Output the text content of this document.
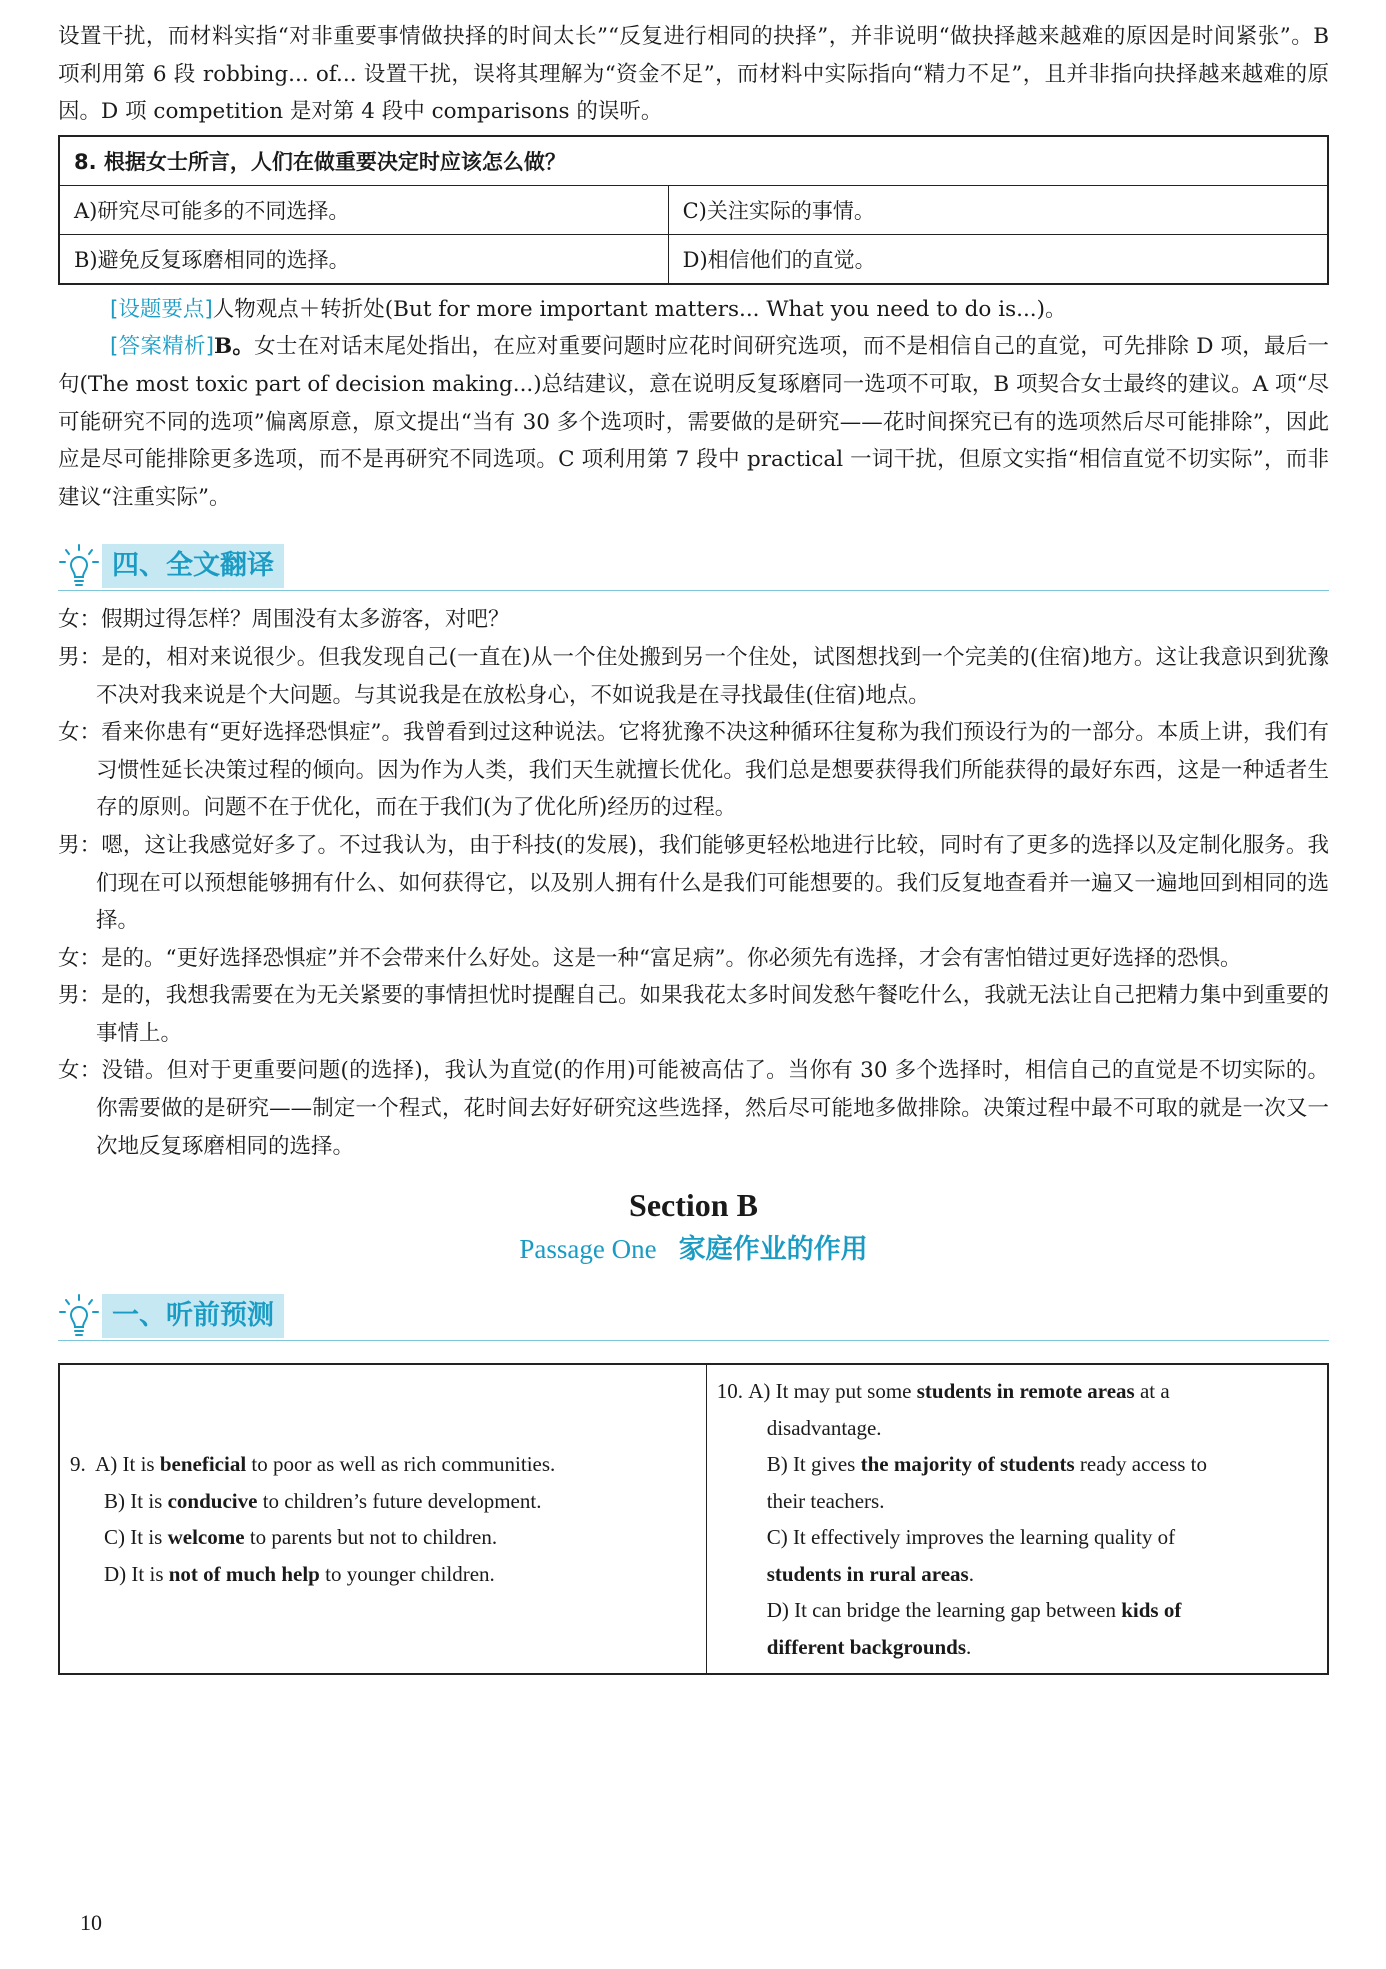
设置干扰，而材料实指“对非重要事情做抉择的时间太长”“反复进行相同的抉择”，并非说明“做抉择越来越难的原因是时间紧张”。B 项利用第 6 段 robbing... of... 设置干扰，误将其理解为“资金不足”，而材料中实际指向“精力不足”，且并非指向抉择越来越难的原因。D 项 competition 是对第 4 段中 comparisons 的误听。

8. 根据女士所言，人们在做重要决定时应该怎么做？	
A)研究尽可能多的不同选择。	C)关注实际的事情。
B)避免反复琢磨相同的选择。	D)相信他们的直觉。

[设题要点]人物观点＋转折处(But for more important matters... What you need to do is...)。

[答案精析]B。女士在对话末尾处指出，在应对重要问题时应花时间研究选项，而不是相信自己的直觉，可先排除 D 项，最后一句(The most toxic part of decision making...)总结建议，意在说明反复琢磨同一选项不可取，B 项契合女士最终的建议。A 项“尽可能研究不同的选项”偏离原意，原文提出“当有 30 多个选项时，需要做的是研究——花时间探究已有的选项然后尽可能排除”，因此应是尽可能排除更多选项，而不是再研究不同选项。C 项利用第 7 段中 practical 一词干扰，但原文实指“相信直觉不切实际”，而非建议“注重实际”。

四、全文翻译

女：假期过得怎样？周围没有太多游客，对吧？

男：是的，相对来说很少。但我发现自己(一直在)从一个住处搬到另一个住处，试图想找到一个完美的(住宿)地方。这让我意识到犹豫不决对我来说是个大问题。与其说我是在放松身心，不如说我是在寻找最佳(住宿)地点。

女：看来你患有“更好选择恐惧症”。我曾看到过这种说法。它将犹豫不决这种循环往复称为我们预设行为的一部分。本质上讲，我们有习惯性延长决策过程的倾向。因为作为人类，我们天生就擅长优化。我们总是想要获得我们所能获得的最好东西，这是一种适者生存的原则。问题不在于优化，而在于我们(为了优化所)经历的过程。

男：嗯，这让我感觉好多了。不过我认为，由于科技(的发展)，我们能够更轻松地进行比较，同时有了更多的选择以及定制化服务。我们现在可以预想能够拥有什么、如何获得它，以及别人拥有什么是我们可能想要的。我们反复地查看并一遍又一遍地回到相同的选择。

女：是的。“更好选择恐惧症”并不会带来什么好处。这是一种“富足病”。你必须先有选择，才会有害怕错过更好选择的恐惧。

男：是的，我想我需要在为无关紧要的事情担忧时提醒自己。如果我花太多时间发愁午餐吃什么，我就无法让自己把精力集中到重要的事情上。

女：没错。但对于更重要问题(的选择)，我认为直觉(的作用)可能被高估了。当你有 30 多个选择时，相信自己的直觉是不切实际的。你需要做的是研究——制定一个程式，花时间去好好研究这些选择，然后尽可能地多做排除。决策过程中最不可取的就是一次又一次地反复琢磨相同的选择。

Section B
Passage One 家庭作业的作用
一、听前预测

9. A) It is beneficial to poor as well as rich communities.

B) It is conducive to children’s future development.

C) It is welcome to parents but not to children.

D) It is not of much help to younger children.

10. A) It may put some students in remote areas at a

disadvantage.

B) It gives the majority of students ready access to

their teachers.

C) It effectively improves the learning quality of

students in rural areas.

D) It can bridge the learning gap between kids of

different backgrounds.

10
